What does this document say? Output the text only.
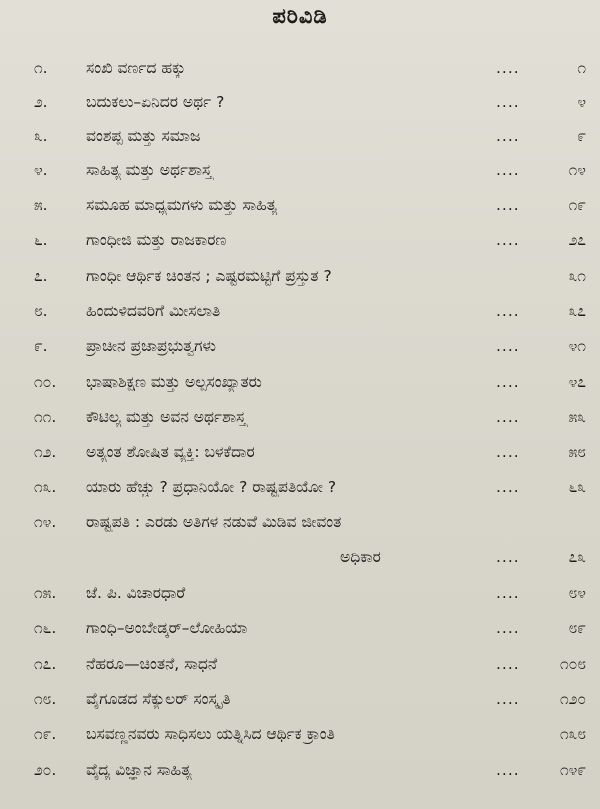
ಪರಿವಿಡಿ
೧.	ಸಂಖಿ ವರ್ಣದ ಹಕ್ಕು	....	೧
೨.	ಬದುಕಲು–ಏನಿದರ ಅರ್ಥ ?	....	೪
೩.	ವಂಶಪ್ಪ ಮತ್ತು ಸಮಾಜ	....	೯
೪.	ಸಾಹಿತ್ಯ ಮತ್ತು ಅರ್ಥಶಾಸ್ತ್ರ	....	೧೪
೫.	ಸಮೂಹ ಮಾಧ್ಯಮಗಳು ಮತ್ತು ಸಾಹಿತ್ಯ	....	೧೯
೬.	ಗಾಂಧೀಜಿ ಮತ್ತು ರಾಜಕಾರಣ	....	೨೭
೭.	ಗಾಂಧೀ ಆರ್ಥಿಕ ಚಿಂತನ ; ಎಷ್ಟರಮಟ್ಟಿಗೆ ಪ್ರಸ್ತುತ ?	೩೧
೮.	ಹಿಂದುಳಿದವರಿಗೆ ಮೀಸಲಾತಿ	....	೩೭
೯.	ಪ್ರಾಚೀನ ಪ್ರಜಾಪ್ರಭುತ್ವಗಳು	....	೪೧
೧೦.	ಭಾಷಾಶಿಕ್ಷಣ ಮತ್ತು ಅಲ್ಪಸಂಖ್ಯಾತರು	....	೪೭
೧೧.	ಕೌಟಿಲ್ಯ ಮತ್ತು ಅವನ ಅರ್ಥಶಾಸ್ತ್ರ	....	೫೩
೧೨.	ಅತ್ಯಂತ ಶೋಷಿತ ವ್ಯಕ್ತಿ: ಬಳಕೆದಾರ	....	೫೮
೧೩.	ಯಾರು ಹೆಚ್ಚು ? ಪ್ರಧಾನಿಯೋ ? ರಾಷ್ಟ್ರಪತಿಯೋ ?	....	೬೩
೧೪.	ರಾಷ್ಟ್ರಪತಿ : ಎರಡು ಅತಿಗಳ ನಡುವೆ ಮಿಡಿವ ಜೀವಂತ
ಅಧಿಕಾರ	....	೭೩
೧೫.	ಜೆ. ಪಿ. ವಿಚಾರಧಾರೆ	....	೮೪
೧೬.	ಗಾಂಧಿ–ಅಂಬೇಡ್ಕರ್–ಲೋಹಿಯಾ	....	೮೯
೧೭.	ನೆಹರೂ—ಚಿಂತನೆ, ಸಾಧನೆ	....	೧೦೮
೧೮.	ವೈಗೂಡದ ಸೆಕ್ಯುಲರ್ ಸಂಸ್ಕೃತಿ	....	೧೨೦
೧೯.	ಬಸವಣ್ಣನವರು ಸಾಧಿಸಲು ಯತ್ನಿಸಿದ ಆರ್ಥಿಕ ಕ್ರಾಂತಿ	೧೩೮
೨೦.	ವೈದ್ಯ ವಿಜ್ಞಾನ ಸಾಹಿತ್ಯ	....	೧೪೯
